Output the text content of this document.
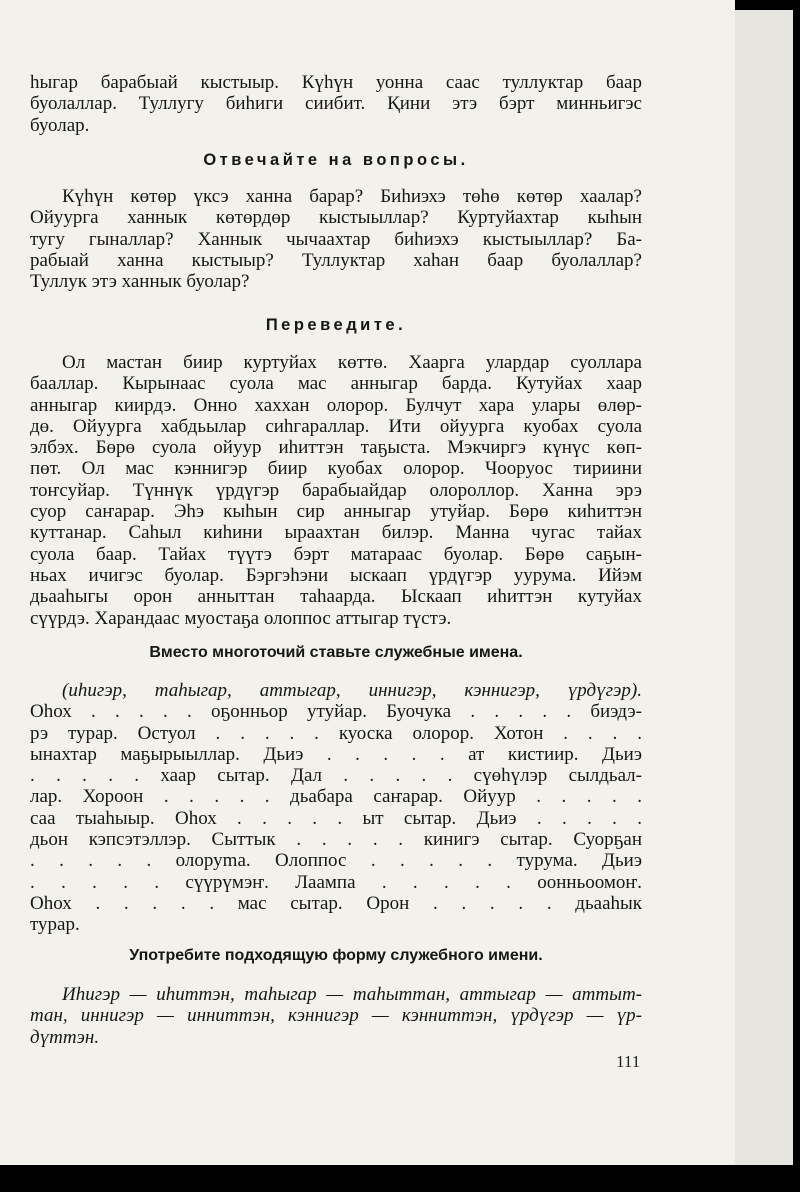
һыгар барабыай кыстыыр. Күһүн уонна саас туллуктар баар
буолаллар. Туллугу биһиги сиибит. Қини этэ бэрт минньигэс
буолар.
Отвечайте на вопросы.
Күһүн көтөр үксэ ханна барар? Биһиэхэ төһө көтөр хаалар?
Ойуурга ханнык көтөрдөр кыстыыллар? Куртуйахтар кыһын
тугу гыналлар? Ханнык чычаахтар биһиэхэ кыстыыллар? Ба-
рабыай ханна кыстыыр? Туллуктар хаһан баар буолаллар?
Туллук этэ ханнык буолар?
Переведите.
Ол мастан биир куртуйах көттө. Хаарга улардар суоллара
бааллар. Кырынаас суола мас анныгар барда. Кутуйах хаар
анныгар киирдэ. Онно хаххан олорор. Булчут хара улары өлөр-
дө. Ойуурга хабдьылар сиһгараллар. Ити ойуурга куобах суола
элбэх. Бөрө суола ойуур иһиттэн таҕыста. Мэкчиргэ күнүс көп-
пөт. Ол мас кэннигэр биир куобах олорор. Чооруос тириини
тоҥсуйар. Түннүк үрдүгэр барабыайдар олороллор. Ханна эрэ
суор саҥарар. Эһэ кыһын сир анныгар утуйар. Бөрө киһиттэн
куттанар. Саһыл киһини ыраахтан билэр. Манна чугас тайах
суола баар. Тайах түүтэ бэрт матараас буолар. Бөрө саҕын-
ньах ичигэс буолар. Бэргэһэни ыскаап үрдүгэр уурума. Ийэм
дьааһыгы орон анныттан таһаарда. Ыскаап иһиттэн кутуйах
сүүрдэ. Харандаас муостаҕа олоппос аттыгар түстэ.
Вместо многоточий ставьте служебные имена.
(иһигэр, таһыгар, аттыгар, иннигэр, кэннигэр, үрдүгэр).
Оһох . . . . . оҕонньор утуйар. Буочука . . . . . биэдэ-
рэ турар. Остуол . . . . . куоска олорор. Хотон . . . .
ынахтар маҕырыыллар. Дьиэ . . . . . ат кистиир. Дьиэ
. . . . . хаар сытар. Дал . . . . . сүөһүлэр сылдьал-
лар. Хороон . . . . . дьабара саҥарар. Ойуур . . . . .
саа тыаһыыр. Оһох . . . . . ыт сытар. Дьиэ . . . . .
дьон кэпсэтэллэр. Сыттык . . . . . кинигэ сытар. Суорҕан
. . . . . олоруma. Олоппос . . . . . турума. Дьиэ
. . . . . сүүрүмэҥ. Лаампа . . . . . оонньоомоҥ.
Оһох . . . . . мас сытар. Орон . . . . . дьааһык
турар.
Употребите подходящую форму служебного имени.
Иһигэр — иһиттэн, таһыгар — таһыттан, аттыгар — аттыт-
тан, иннигэр — инниттэн, кэннигэр — кэнниттэн, үрдүгэр — үр-
дүттэн.
111
